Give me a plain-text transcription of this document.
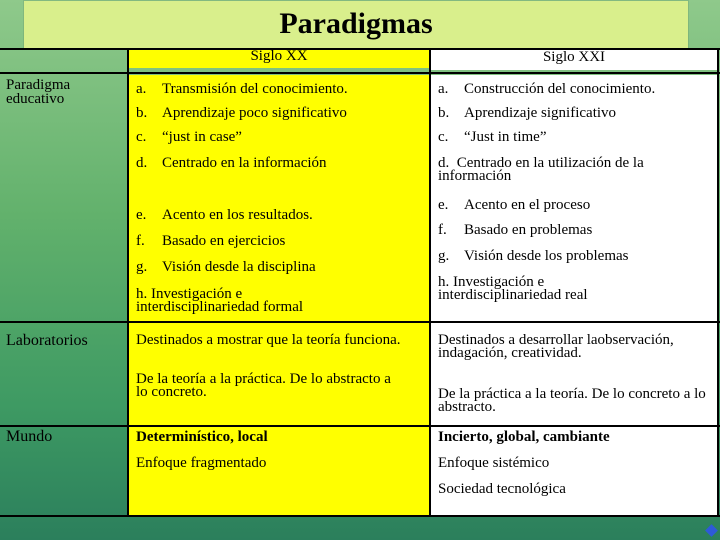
Paradigmas
Siglo XX	Siglo XXI
Paradigma educativo
Laboratorios
Mundo
a. Transmisión del conocimiento.
b. Aprendizaje poco significativo
c. “just in case”
d. Centrado en la información
e. Acento en los resultados.
f. Basado en ejercicios
g. Visión desde la disciplina
h. Investigación e interdisciplinariedad formal
a. Construcción del conocimiento.
b. Aprendizaje significativo
c. “Just in time”
d. Centrado en la utilización de la información
e. Acento en el proceso
f. Basado en problemas
g. Visión desde los problemas
h. Investigación e interdisciplinariedad real
Destinados a mostrar que la teoría funciona.
De la teoría a la práctica. De lo abstracto a lo concreto.
Destinados a desarrollar laobservación, indagación, creatividad.
De la práctica a la teoría. De lo concreto a lo abstracto.
Determinístico, local
Enfoque fragmentado
Incierto, global, cambiante
Enfoque sistémico
Sociedad tecnológica
